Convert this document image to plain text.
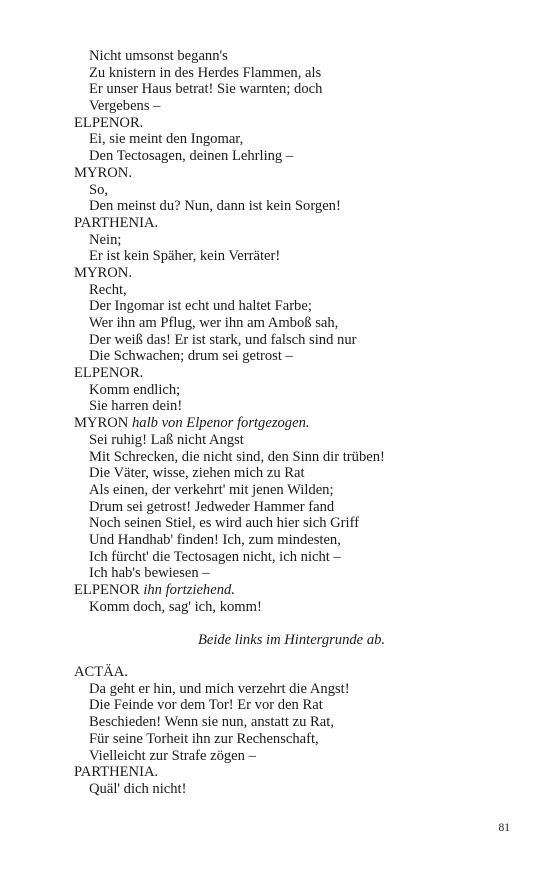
Nicht umsonst begann's
Zu knistern in des Herdes Flammen, als
Er unser Haus betrat! Sie warnten; doch
Vergebens –
ELPENOR.
Ei, sie meint den Ingomar,
Den Tectosagen, deinen Lehrling –
MYRON.
So,
Den meinst du? Nun, dann ist kein Sorgen!
PARTHENIA.
Nein;
Er ist kein Späher, kein Verräter!
MYRON.
Recht,
Der Ingomar ist echt und haltet Farbe;
Wer ihn am Pflug, wer ihn am Amboß sah,
Der weiß das! Er ist stark, und falsch sind nur
Die Schwachen; drum sei getrost –
ELPENOR.
Komm endlich;
Sie harren dein!
MYRON halb von Elpenor fortgezogen.
Sei ruhig! Laß nicht Angst
Mit Schrecken, die nicht sind, den Sinn dir trüben!
Die Väter, wisse, ziehen mich zu Rat
Als einen, der verkehrt' mit jenen Wilden;
Drum sei getrost! Jedweder Hammer fand
Noch seinen Stiel, es wird auch hier sich Griff
Und Handhab' finden! Ich, zum mindesten,
Ich fürcht' die Tectosagen nicht, ich nicht –
Ich hab's bewiesen –
ELPENOR ihn fortziehend.
Komm doch, sag' ich, komm!
Beide links im Hintergrunde ab.
ACTÄA.
Da geht er hin, und mich verzehrt die Angst!
Die Feinde vor dem Tor! Er vor den Rat
Beschieden! Wenn sie nun, anstatt zu Rat,
Für seine Torheit ihn zur Rechenschaft,
Vielleicht zur Strafe zögen –
PARTHENIA.
Quäl' dich nicht!
81
